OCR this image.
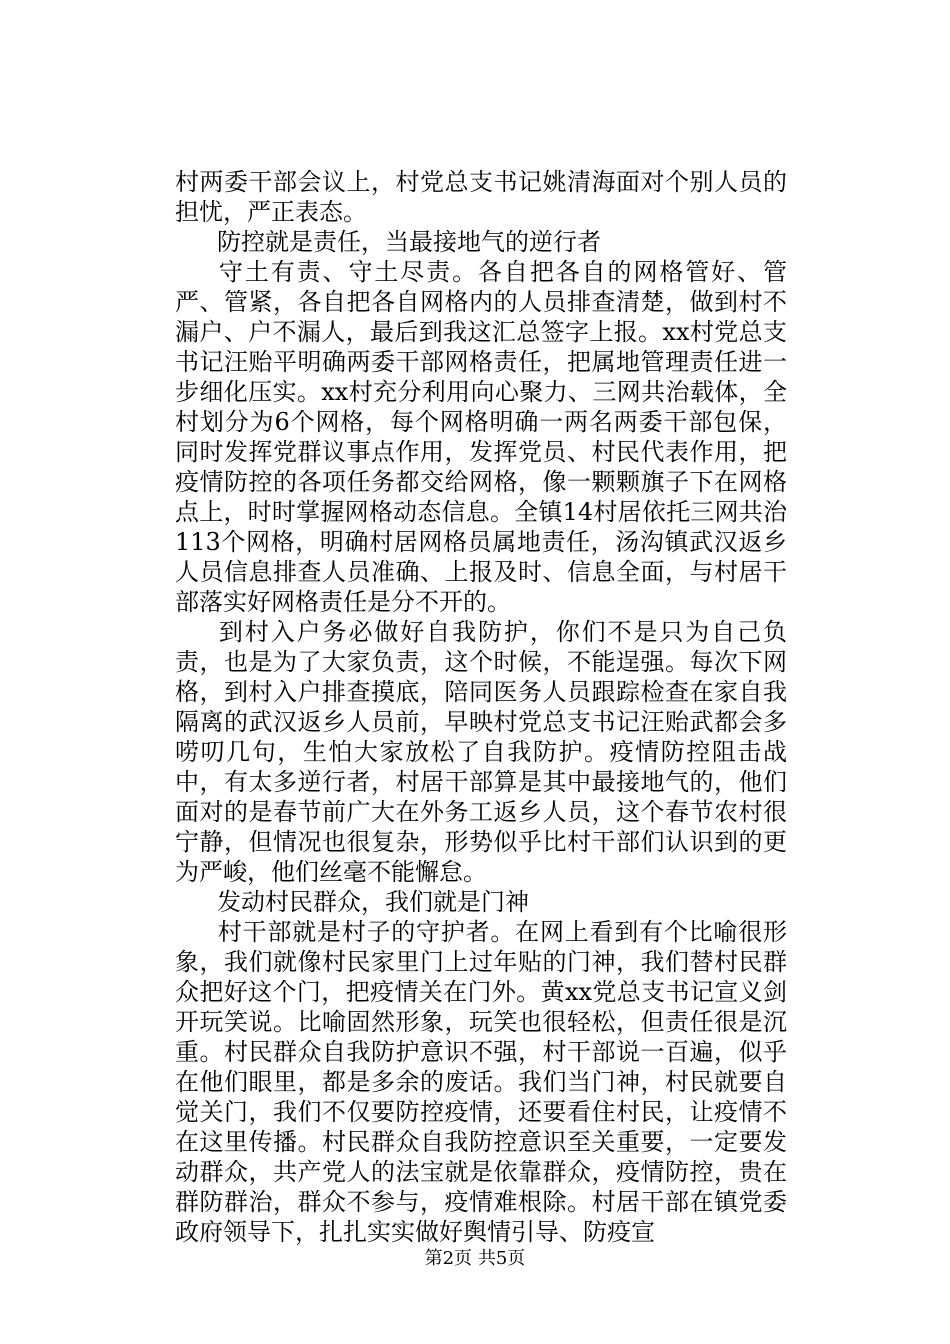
村两委干部会议上，村党总支书记姚清海面对个别人员的担忧，严正表态。

防控就是责任，当最接地气的逆行者

守土有责、守土尽责。各自把各自的网格管好、管严、管紧，各自把各自网格内的人员排查清楚，做到村不漏户、户不漏人，最后到我这汇总签字上报。xx村党总支书记汪贻平明确两委干部网格责任，把属地管理责任进一步细化压实。xx村充分利用向心聚力、三网共治载体，全村划分为6个网格，每个网格明确一两名两委干部包保，同时发挥党群议事点作用，发挥党员、村民代表作用，把疫情防控的各项任务都交给网格，像一颗颗旗子下在网格点上，时时掌握网格动态信息。全镇14村居依托三网共治113个网格，明确村居网格员属地责任，汤沟镇武汉返乡人员信息排查人员准确、上报及时、信息全面，与村居干部落实好网格责任是分不开的。

到村入户务必做好自我防护，你们不是只为自己负责，也是为了大家负责，这个时候，不能逞强。每次下网格，到村入户排查摸底，陪同医务人员跟踪检查在家自我隔离的武汉返乡人员前，早映村党总支书记汪贻武都会多唠叨几句，生怕大家放松了自我防护。疫情防控阻击战中，有太多逆行者，村居干部算是其中最接地气的，他们面对的是春节前广大在外务工返乡人员，这个春节农村很宁静，但情况也很复杂，形势似乎比村干部们认识到的更为严峻，他们丝毫不能懈怠。

发动村民群众，我们就是门神

村干部就是村子的守护者。在网上看到有个比喻很形象，我们就像村民家里门上过年贴的门神，我们替村民群众把好这个门，把疫情关在门外。黄xx党总支书记宣义剑开玩笑说。比喻固然形象，玩笑也很轻松，但责任很是沉重。村民群众自我防护意识不强，村干部说一百遍，似乎在他们眼里，都是多余的废话。我们当门神，村民就要自觉关门，我们不仅要防控疫情，还要看住村民，让疫情不在这里传播。村民群众自我防控意识至关重要，一定要发动群众，共产党人的法宝就是依靠群众，疫情防控，贵在群防群治，群众不参与，疫情难根除。村居干部在镇党委政府领导下，扎扎实实做好舆情引导、防疫宣

第2页 共5页
